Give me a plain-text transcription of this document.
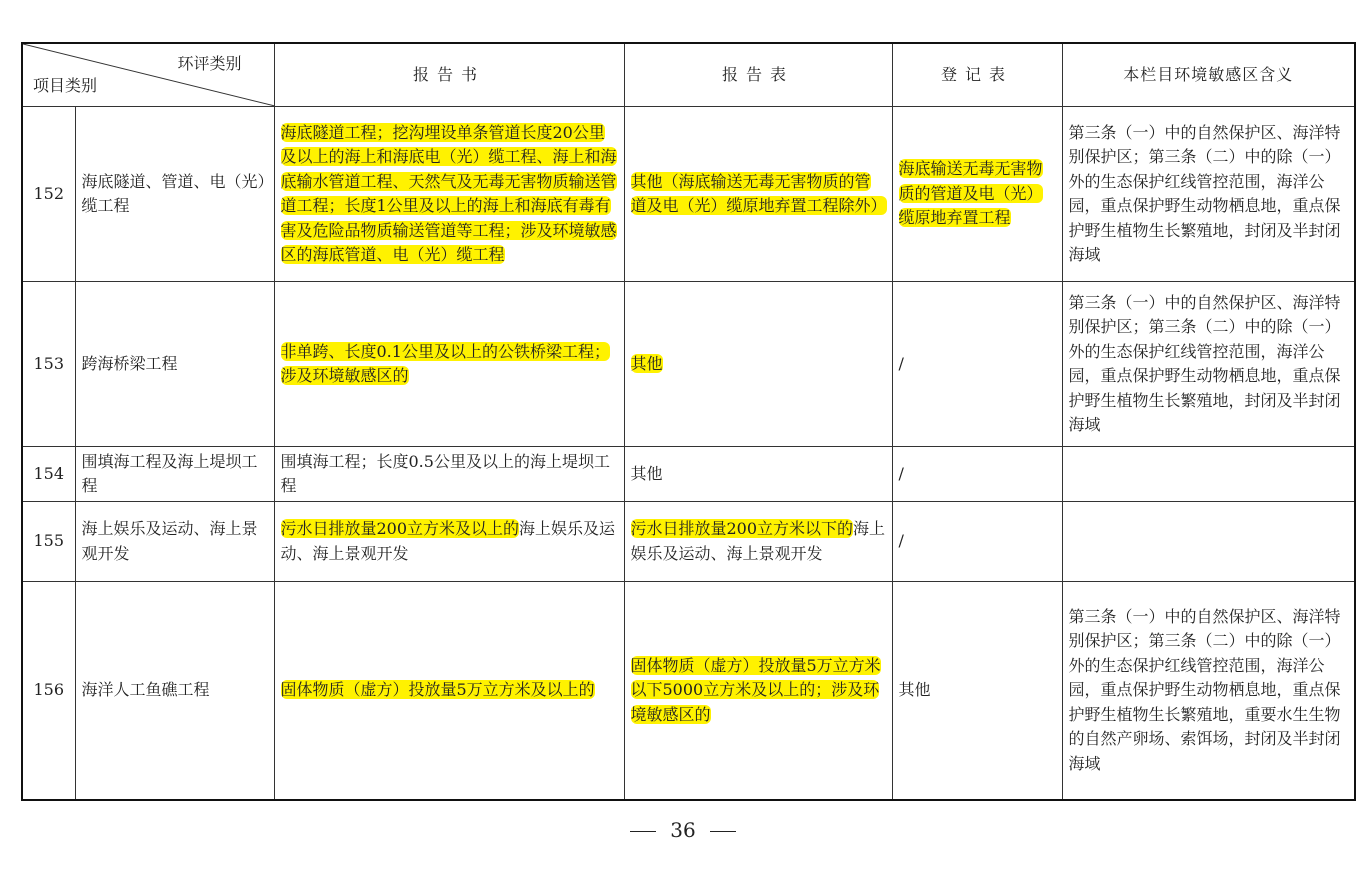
环评类别
项目类别		报告书	报告表	登记表	本栏目环境敏感区含义
152	海底隧道、管道、电（光）缆工程	海底隧道工程；挖沟埋设单条管道长度20公里及以上的海上和海底电（光）缆工程、海上和海底输水管道工程、天然气及无毒无害物质输送管道工程；长度1公里及以上的海上和海底有毒有害及危险品物质输送管道等工程；涉及环境敏感区的海底管道、电（光）缆工程	其他（海底输送无毒无害物质的管道及电（光）缆原地弃置工程除外）	海底输送无毒无害物质的管道及电（光）缆原地弃置工程	第三条（一）中的自然保护区、海洋特别保护区；第三条（二）中的除（一）外的生态保护红线管控范围，海洋公园，重点保护野生动物栖息地，重点保护野生植物生长繁殖地，封闭及半封闭海域
153	跨海桥梁工程	非单跨、长度0.1公里及以上的公铁桥梁工程；涉及环境敏感区的	其他	/	第三条（一）中的自然保护区、海洋特别保护区；第三条（二）中的除（一）外的生态保护红线管控范围，海洋公园，重点保护野生动物栖息地，重点保护野生植物生长繁殖地，封闭及半封闭海域
154	围填海工程及海上堤坝工程	围填海工程；长度0.5公里及以上的海上堤坝工程	其他	/	
155	海上娱乐及运动、海上景观开发	污水日排放量200立方米及以上的海上娱乐及运动、海上景观开发	污水日排放量200立方米以下的海上娱乐及运动、海上景观开发	/	
156	海洋人工鱼礁工程	固体物质（虚方）投放量5万立方米及以上的	固体物质（虚方）投放量5万立方米以下5000立方米及以上的；涉及环境敏感区的	其他	第三条（一）中的自然保护区、海洋特别保护区；第三条（二）中的除（一）外的生态保护红线管控范围，海洋公园，重点保护野生动物栖息地，重点保护野生植物生长繁殖地，重要水生生物的自然产卵场、索饵场，封闭及半封闭海域
36
